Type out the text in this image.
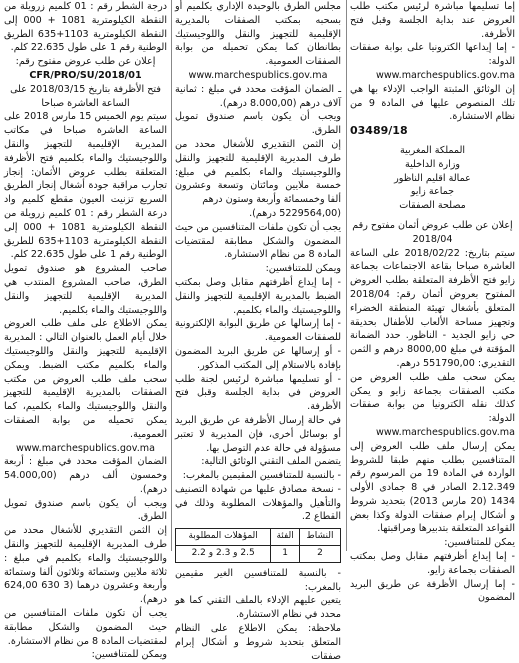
إما تسليمها مباشرة لرئيس مكتب طلب العروض عند بداية الجلسة وقبل فتح الأظرفة.

- إما إيداعها الكترونيا على بوابة صفقات الدولة: www.marchespublics.gov.ma

إن الوثائق المثبتة الواجب الإدلاء بها هي تلك المنصوص عليها في المادة 9 من نظام الاستشارة.

03489/18

المملكة المغربية

وزارة الداخلية

عمالة اقليم الناظور

جماعة زايو

مصلحة الصفقات

إعلان عن طلب عروض أثمان مفتوح رقم 2018/04

سيتم بتاريخ: 2018/02/22 على الساعة العاشرة صباحا بقاعة الاجتماعات بجماعة زايو فتح الأظرفة المتعلقة بطلب العروض المفتوح بعروض أثمان رقم: 2018/04 المتعلق بأشغال تهيئة المنطقة الخضراء وتجهيز مساحة الألعاب للأطفال بحديقة حي زايو الجديد - الناظور. حدد الضمانة المؤقتة في مبلغ 8000,00 درهم و الثمن التقديري: 551790,00 درهم.

يمكن سحب ملف طلب العروض من مكتب الصفقات بجماعة زايو و يمكن كذلك نقله الكترونيا من بوابة صفقات الدولة: www.marchespublics.gov.ma

يمكن إرسال ملف طلب العروض إلى المتنافسين بطلب منهم طبقا للشروط الواردة في المادة 19 من المرسوم رقم 2.12.349 الصادر في 8 جمادى الأولى 1434 (20 مارس 2013) بتحديد شروط و أشكال إبرام صفقات الدولة وكذا بعض القواعد المتعلقة بتدبيرها ومراقبتها.

يمكن للمتنافسين:

- إما إيداع أظرفتهم مقابل وصل بمكتب الصفقات بجماعة زايو.

- إما إرسال الأظرفة عن طريق البريد المضمون

مجلس الطرق بالوحيدة الإداري يكلميم أو بسحبه بمكتب الصفقات بالمديرية الإقليمية للتجهيز والنقل واللوجيستيك بطانطان كما يمكن تحميله من بوابة الصفقات العمومية.

www.marchespublics.gov.ma

ـ الضمان المؤقت محدد في مبلغ : ثمانية آلاف درهم (8.000,00 درهم).

ويجب أن يكون باسم صندوق تمويل الطرق.

إن الثمن التقديري للأشغال محدد من طرف المديرية الإقليمية للتجهيز والنقل واللوجيستيك والماء بكلميم في مبلغ: خمسة ملايين ومائتان وتسعة وعشرون ألفا وخمسمائة وأربعة وستون درهم

(5229564,00 درهم).

يجب أن تكون ملفات المتنافسين من حيث المضمون والشكل مطابقة لمقتضيات المادة 8 من نظام الاستشارة.

ويمكن للمتنافسين:

- إما إيداع أظرفتهم مقابل وصل بمكتب الضبط بالمديرية الإقليمية للتجهيز والنقل واللوجيستيك والماء بكلميم.

- إما إرسالها عن طريق البوابة الإلكترونية للصفقات العمومية.

- أو إرسالها عن طريق البريد المضمون بإفادة بالاستلام إلى المكتب المذكور.

- أو تسليمها مباشرة لرئيس لجنة طلب العروض في بداية الجلسة وقبل فتح الأظرفة.

في حالة إرسال الأظرفة عن طريق البريد أو بوسائل أخرى، فإن المديرية لا تعتبر مسؤولة في حالة عدم التوصل بها.

يتضمن الملف التقني الوثائق التالية:

- بالنسبة للمتنافسين المقيمين بالمغرب:

- نسخة مصادق عليها من شهادة التصنيف والتأهيل والمؤهلات المطلوبة وذلك في القطاع 2.

النشاط	الفئة	المؤهلات المطلوبة
2	1	2.5 و 2.3 و 2.2

- بالنسبة للمتنافسين الغير مقيمين بالمغرب:

يتعين عليهم الإدلاء بالملف التقني كما هو محدد في نظام الاستشارة.

ملاحظة: يمكن الاطلاع على النظام المتعلق بتحديد شروط و أشكال إبرام صفقات

درجة الشطر رقم : 01 كلميم زرويلة من النقطة الكيلومترية 1081 + 000 إلى النقطة الكيلومترية 1103+635 الطريق الوطنية رقم 1 على طول 22.635 كلم.

إعلان عن طلب عروض مفتوح رقم:

CFR/PRO/SU/2018/01

فتح الأظرفة بتاريخ 2018/03/15 على الساعة العاشرة صباحا

سيتم يوم الخميس 15 مارس 2018 على الساعة العاشرة صباحا في مكاتب المديرية الإقليمية للتجهيز والنقل واللوجيستيك والماء بكلميم فتح الأظرفة المتعلقة بطلب عروض الأثمان: إنجاز تجارب مراقبة جودة أشغال إنجاز الطريق السريع تزنيت العيون مقطع كلميم واد درعة الشطر رقم : 01 كلميم زرويلة من النقطة الكيلومترية 1081 + 000 إلى النقطة الكيلومترية 1103+635 للطريق الوطنية رقم 1 على طول 22.635 كلم.

صاحب المشروع هو صندوق تمويل الطرق، صاحب المشروع المنتدب هي المديرية الإقليمية للتجهيز والنقل واللوجيستيك والماء بكلميم.

يمكن الاطلاع على ملف طلب العروض خلال أيام العمل بالعنوان التالي : المديرية الإقليمية للتجهيز والنقل واللوجيستيك والماء بكلميم مكتب الضبط. ويمكن سحب ملف طلب العروض من مكتب الصفقات بالمديرية الإقليمية للتجهيز والنقل واللوجيستيك والماء بكلميم، كما يمكن تحميله من بوابة الصفقات العمومية.

www.marchespublics.gov.ma

الضمان المؤقت محدد في مبلغ : أربعة وخمسون ألف درهم (54.000,00 درهم).

ويجب أن يكون باسم صندوق تمويل الطرق.

إن الثمن التقديري للأشغال محدد من طرف المديرية الإقليمية للتجهيز والنقل واللوجيستيك والماء بكلميم في مبلغ : ثلاثة ملايين وستمائة وثلاثون ألفا وستمائة وأربعة وعشرون درهما (3 630 624,00 درهم).

يجب أن تكون ملفات المتنافسين من حيث المضمون والشكل مطابقة لمقتضيات المادة 8 من نظام الاستشارة.

ويمكن للمتنافسين:
